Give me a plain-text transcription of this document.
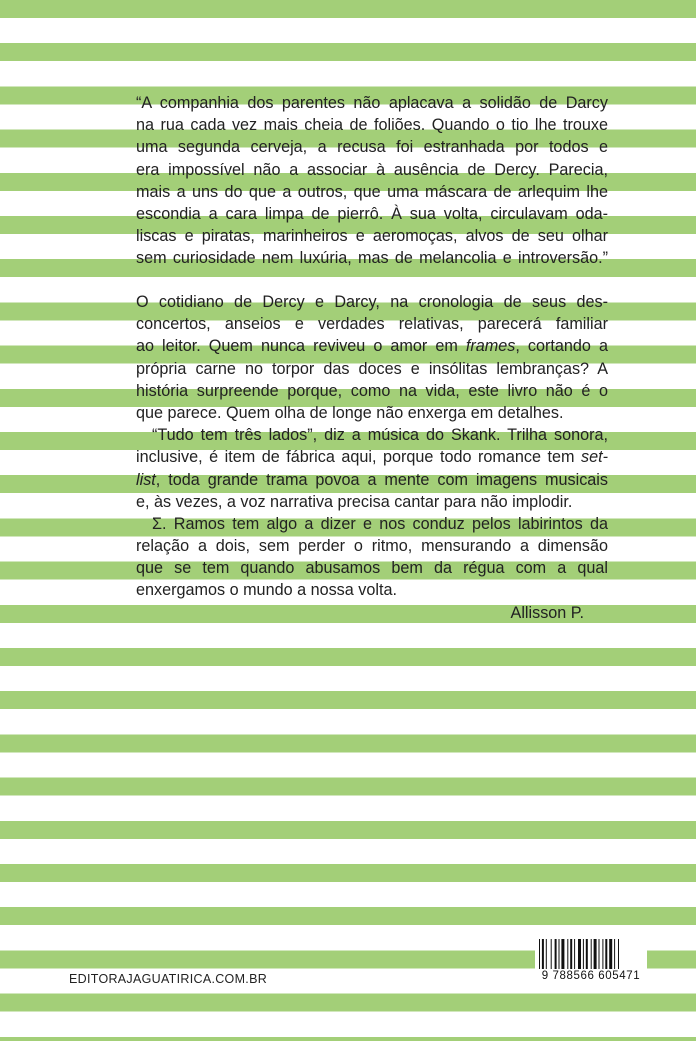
“A companhia dos parentes não aplacava a solidão de Darcy
na rua cada vez mais cheia de foliões. Quando o tio lhe trouxe
uma segunda cerveja, a recusa foi estranhada por todos e
era impossível não a associar à ausência de Dercy. Parecia,
mais a uns do que a outros, que uma máscara de arlequim lhe
escondia a cara limpa de pierrô. À sua volta, circulavam oda-
liscas e piratas, marinheiros e aeromoças, alvos de seu olhar
sem curiosidade nem luxúria, mas de melancolia e introversão.”
O cotidiano de Dercy e Darcy, na cronologia de seus des-
concertos, anseios e verdades relativas, parecerá familiar
ao leitor. Quem nunca reviveu o amor em frames, cortando a
própria carne no torpor das doces e insólitas lembranças? A
história surpreende porque, como na vida, este livro não é o
que parece. Quem olha de longe não enxerga em detalhes.
“Tudo tem três lados”, diz a música do Skank. Trilha sonora,
inclusive, é item de fábrica aqui, porque todo romance tem set-
list, toda grande trama povoa a mente com imagens musicais
e, às vezes, a voz narrativa precisa cantar para não implodir.
Σ. Ramos tem algo a dizer e nos conduz pelos labirintos da
relação a dois, sem perder o ritmo, mensurando a dimensão
que se tem quando abusamos bem da régua com a qual
enxergamos o mundo a nossa volta.
Allisson P.
EDITORAJAGUATIRICA.COM.BR	9 788566 605471
